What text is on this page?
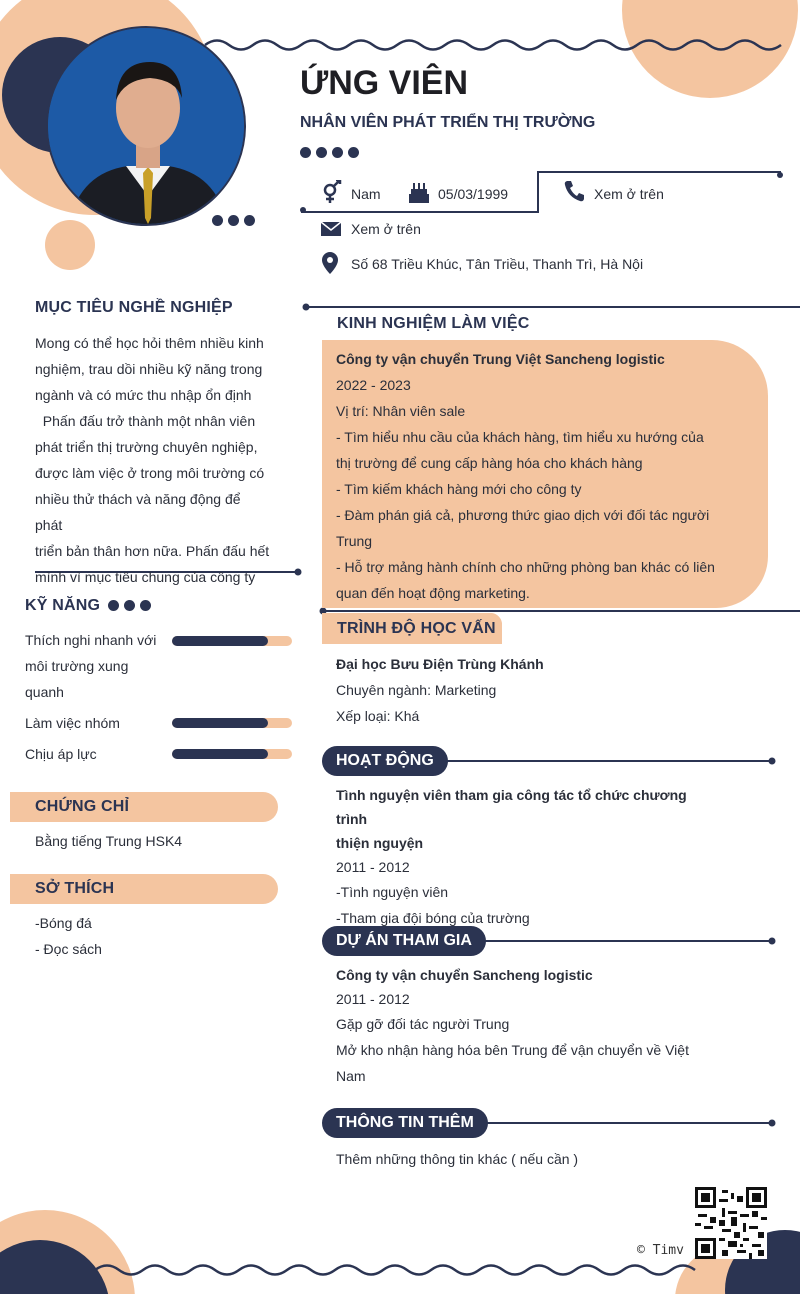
ỨNG VIÊN
NHÂN VIÊN PHÁT TRIỂN THỊ TRƯỜNG
Nam	05/03/1999	Xem ở trên
Xem ở trên
Số 68 Triều Khúc, Tân Triều, Thanh Trì, Hà Nội
MỤC TIÊU NGHỀ NGHIỆP
Mong có thể học hỏi thêm nhiều kinh
nghiệm, trau dồi nhiều kỹ năng trong
ngành và có mức thu nhập ổn định
Phấn đấu trở thành một nhân viên
phát triển thị trường chuyên nghiệp,
được làm việc ở trong môi trường có
nhiều thử thách và năng động để phát
triển bản thân hơn nữa. Phấn đấu hết
mình vì mục tiêu chung của công ty
KỸ NĂNG
Thích nghi nhanh với
môi trường xung
quanh
Làm việc nhóm
Chịu áp lực
CHỨNG CHỈ
Bằng tiếng Trung HSK4
SỞ THÍCH
-Bóng đá
- Đọc sách
KINH NGHIỆM LÀM VIỆC
Công ty vận chuyển Trung Việt Sancheng logistic
2022 - 2023
Vị trí: Nhân viên sale
- Tìm hiểu nhu cầu của khách hàng, tìm hiểu xu hướng của
thị trường để cung cấp hàng hóa cho khách hàng
- Tìm kiếm khách hàng mới cho công ty
- Đàm phán giá cả, phương thức giao dịch với đối tác người
Trung
- Hỗ trợ mảng hành chính cho những phòng ban khác có liên
quan đến hoạt động marketing.
TRÌNH ĐỘ HỌC VẤN
Đại học Bưu Điện Trùng Khánh
Chuyên ngành: Marketing
Xếp loại: Khá
HOẠT ĐỘNG
Tình nguyện viên tham gia công tác tổ chức chương trình
thiện nguyện
2011 - 2012
-Tình nguyện viên
-Tham gia đội bóng của trường
DỰ ÁN THAM GIA
Công ty vận chuyển Sancheng logistic
2011 - 2012
Gặp gỡ đối tác người Trung
Mở kho nhận hàng hóa bên Trung để vận chuyển về Việt
Nam
THÔNG TIN THÊM
Thêm những thông tin khác ( nếu cần )
© Timv
